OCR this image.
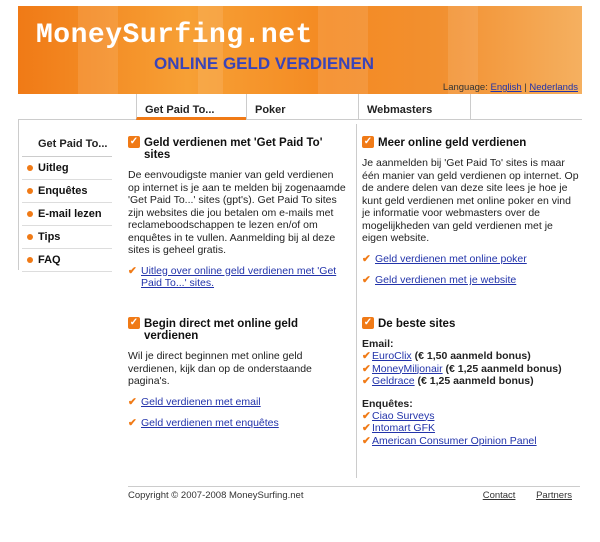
MoneySurfing.net
ONLINE GELD VERDIENEN
Language: English | Nederlands
Get Paid To...	Poker	Webmasters
Get Paid To...
Uitleg
Enquêtes
E-mail lezen
Tips
FAQ
✓ Geld verdienen met 'Get Paid To' sites

De eenvoudigste manier van geld verdienen op internet is je aan te melden bij zogenaamde 'Get Paid To...' sites (gpt's). Get Paid To sites zijn websites die jou betalen om e-mails met reclameboodschappen te lezen en/of om enquêtes in te vullen. Aanmelding bij al deze sites is geheel gratis.

✔ Uitleg over online geld verdienen met 'Get Paid To...' sites.
✓ Meer online geld verdienen

Je aanmelden bij 'Get Paid To' sites is maar één manier van geld verdienen op internet. Op de andere delen van deze site lees je hoe je kunt geld verdienen met online poker en vind je informatie voor webmasters over de mogelijkheden van geld verdienen met je eigen website.

✔ Geld verdienen met online poker
✔ Geld verdienen met je website
✓ Begin direct met online geld verdienen

Wil je direct beginnen met online geld verdienen, kijk dan op de onderstaande pagina's.

✔ Geld verdienen met email
✔ Geld verdienen met enquêtes
✓ De beste sites
Email:
✔ EuroClix (€ 1,50 aanmeld bonus)
✔ MoneyMiljonair (€ 1,25 aanmeld bonus)
✔ Geldrace (€ 1,25 aanmeld bonus)
Enquêtes:
✔ Ciao Surveys
✔ Intomart GFK
✔ American Consumer Opinion Panel
Copyright © 2007-2008 MoneySurfing.net	Contact Partners
